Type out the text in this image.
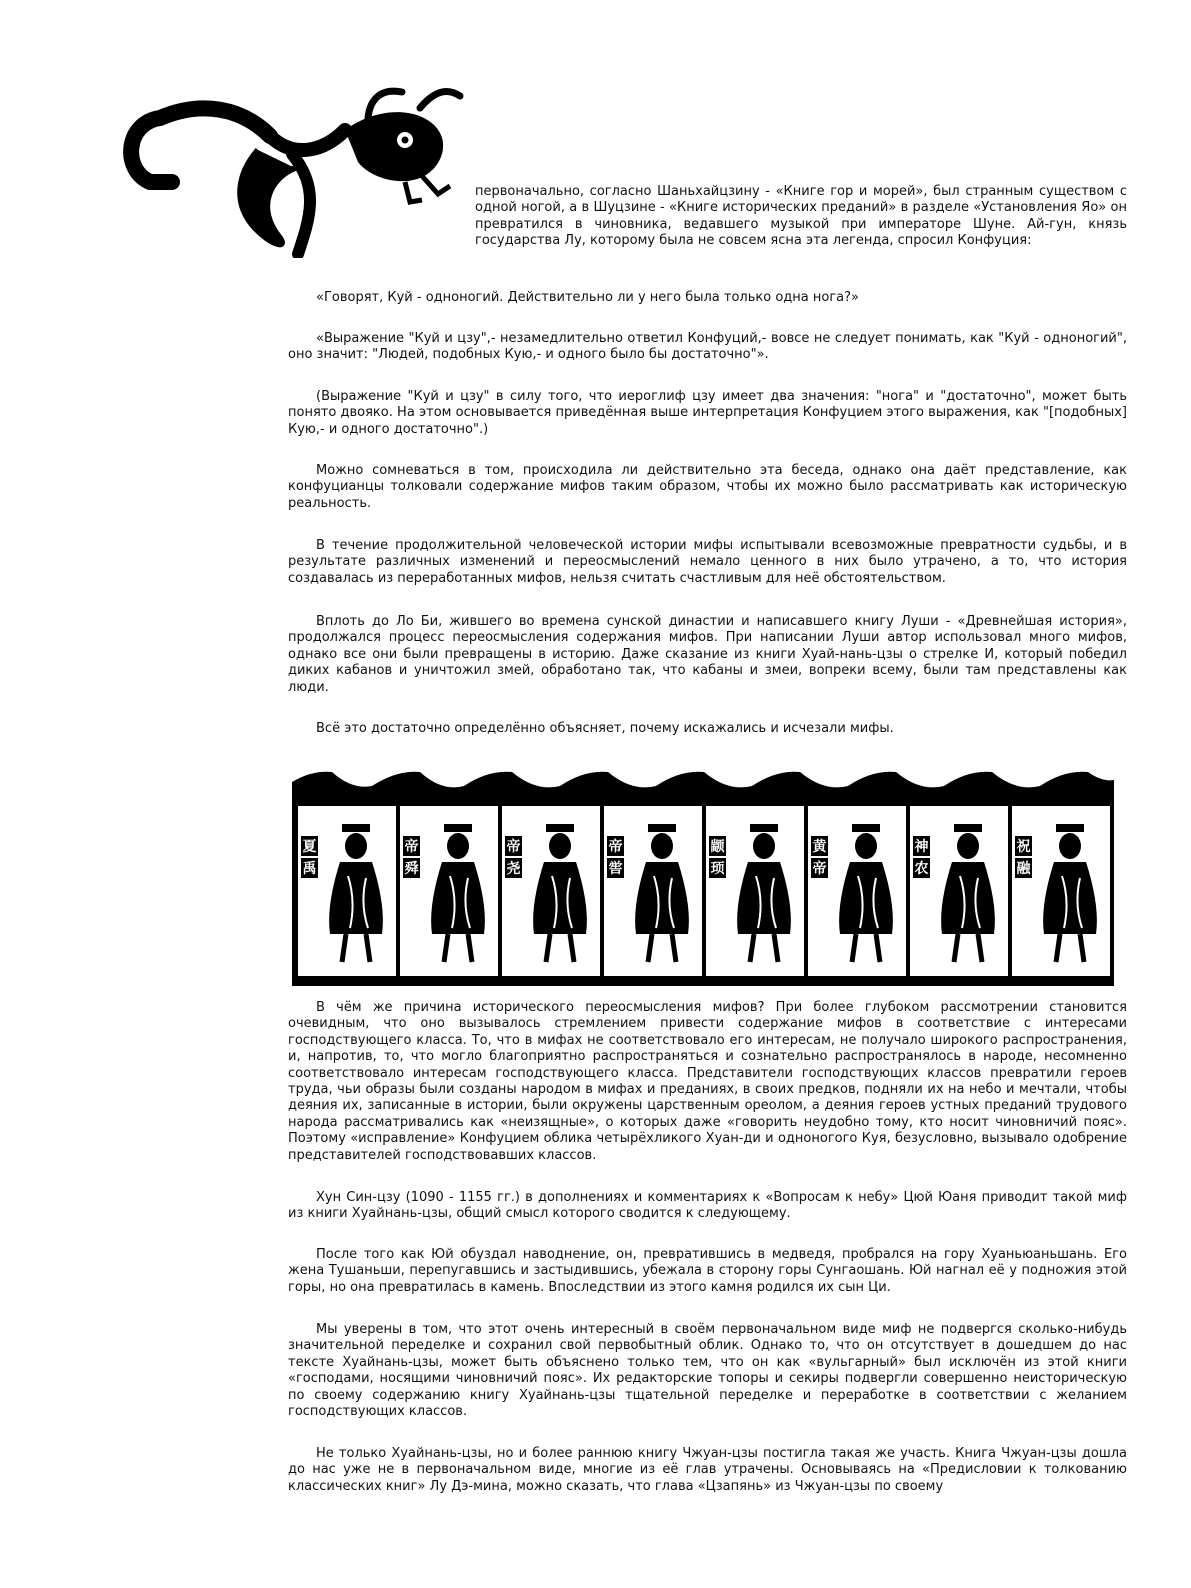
первоначально, согласно Шаньхайцзину - «Книге гор и морей», был странным существом с одной ногой, а в Шуцзине - «Книге исторических преданий» в разделе «Установления Яо» он превратился в чиновника, ведавшего музыкой при императоре Шуне. Ай-гун, князь государства Лу, которому была не совсем ясна эта легенда, спросил Конфуция:

«Говорят, Куй - одноногий. Действительно ли у него была только одна нога?»

«Выражение "Куй и цзу",- незамедлительно ответил Конфуций,- вовсе не следует понимать, как "Куй - одноногий", оно значит: "Людей, подобных Кую,- и одного было бы достаточно"».

(Выражение "Куй и цзу" в силу того, что иероглиф цзу имеет два значения: "нога" и "достаточно", может быть понято двояко. На этом основывается приведённая выше интерпретация Конфуцием этого выражения, как "[подобных] Кую,- и одного достаточно".)

Можно сомневаться в том, происходила ли действительно эта беседа, однако она даёт представление, как конфуцианцы толковали содержание мифов таким образом, чтобы их можно было рассматривать как историческую реальность.

В течение продолжительной человеческой истории мифы испытывали всевозможные превратности судьбы, и в результате различных изменений и переосмыслений немало ценного в них было утрачено, а то, что история создавалась из переработанных мифов, нельзя считать счастливым для неё обстоятельством.

Вплоть до Ло Би, жившего во времена сунской династии и написавшего книгу Луши - «Древнейшая история», продолжался процесс переосмысления содержания мифов. При написании Луши автор использовал много мифов, однако все они были превращены в историю. Даже сказание из книги Хуай-нань-цзы о стрелке И, который победил диких кабанов и уничтожил змей, обработано так, что кабаны и змеи, вопреки всему, были там представлены как люди.

Всё это достаточно определённо объясняет, почему искажались и исчезали мифы.

夏禹
帝舜
帝尧
帝喾
颛顼
黄帝
神农
祝融

В чём же причина исторического переосмысления мифов? При более глубоком рассмотрении становится очевидным, что оно вызывалось стремлением привести содержание мифов в соответствие с интересами господствующего класса. То, что в мифах не соответствовало его интересам, не получало широкого распространения, и, напротив, то, что могло благоприятно распространяться и сознательно распространялось в народе, несомненно соответствовало интересам господствующего класса. Представители господствующих классов превратили героев труда, чьи образы были созданы народом в мифах и преданиях, в своих предков, подняли их на небо и мечтали, чтобы деяния их, записанные в истории, были окружены царственным ореолом, а деяния героев устных преданий трудового народа рассматривались как «неизящные», о которых даже «говорить неудобно тому, кто носит чиновничий пояс». Поэтому «исправление» Конфуцием облика четырёхликого Хуан-ди и одноногого Куя, безусловно, вызывало одобрение представителей господствовавших классов.

Хун Син-цзу (1090 - 1155 гг.) в дополнениях и комментариях к «Вопросам к небу» Цюй Юаня приводит такой миф из книги Хуайнань-цзы, общий смысл которого сводится к следующему.

После того как Юй обуздал наводнение, он, превратившись в медведя, пробрался на гору Хуаньюаньшань. Его жена Тушаньши, перепугавшись и застыдившись, убежала в сторону горы Сунгаошань. Юй нагнал её у подножия этой горы, но она превратилась в камень. Впоследствии из этого камня родился их сын Ци.

Мы уверены в том, что этот очень интересный в своём первоначальном виде миф не подвергся сколько-нибудь значительной переделке и сохранил свой первобытный облик. Однако то, что он отсутствует в дошедшем до нас тексте Хуайнань-цзы, может быть объяснено только тем, что он как «вульгарный» был исключён из этой книги «господами, носящими чиновничий пояс». Их редакторские топоры и секиры подвергли совершенно неисторическую по своему содержанию книгу Хуайнань-цзы тщательной переделке и переработке в соответствии с желанием господствующих классов.

Не только Хуайнань-цзы, но и более раннюю книгу Чжуан-цзы постигла такая же участь. Книга Чжуан-цзы дошла до нас уже не в первоначальном виде, многие из её глав утрачены. Основываясь на «Предисловии к толкованию классических книг» Лу Дэ-мина, можно сказать, что глава «Цзапянь» из Чжуан-цзы по своему
